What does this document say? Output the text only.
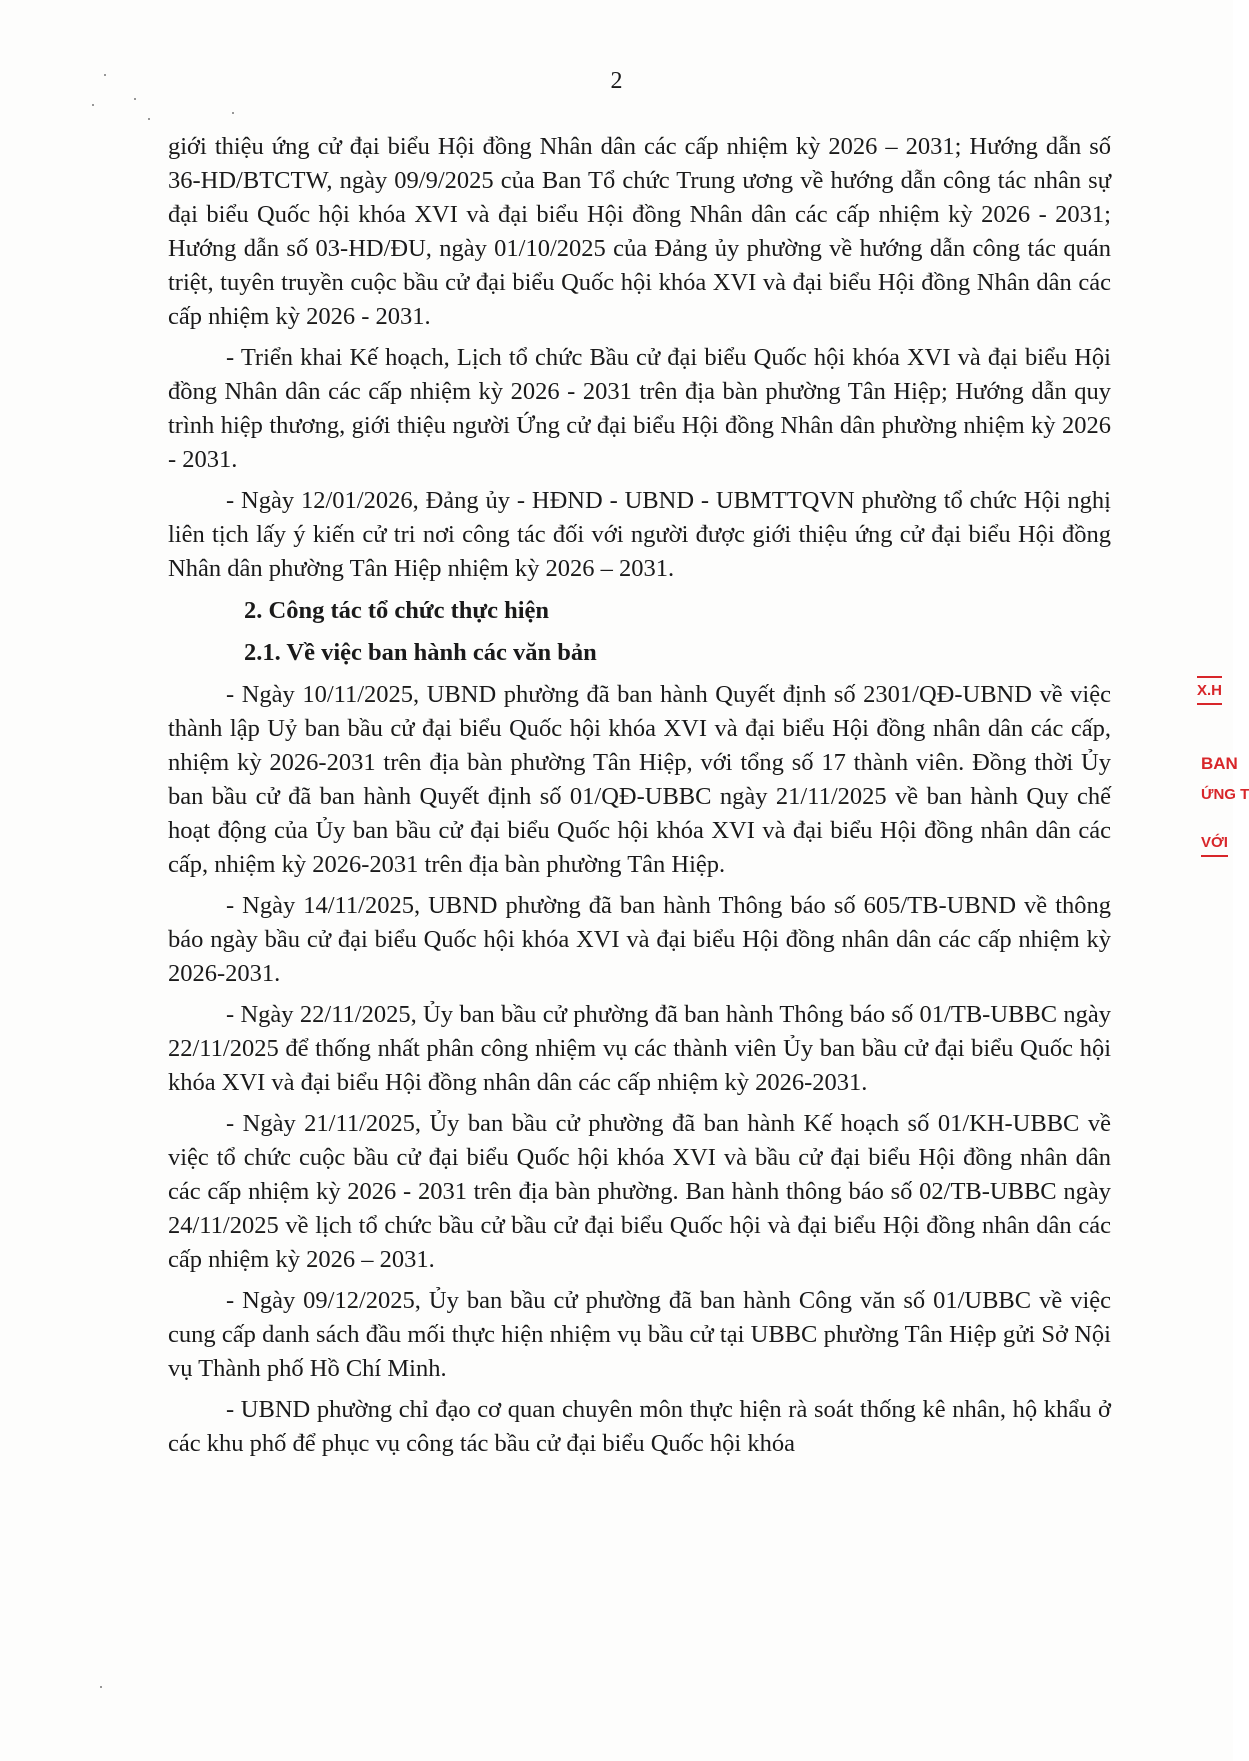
2

giới thiệu ứng cử đại biểu Hội đồng Nhân dân các cấp nhiệm kỳ 2026 – 2031; Hướng dẫn số 36-HD/BTCTW, ngày 09/9/2025 của Ban Tổ chức Trung ương về hướng dẫn công tác nhân sự đại biểu Quốc hội khóa XVI và đại biểu Hội đồng Nhân dân các cấp nhiệm kỳ 2026 - 2031; Hướng dẫn số 03-HD/ĐU, ngày 01/10/2025 của Đảng ủy phường về hướng dẫn công tác quán triệt, tuyên truyền cuộc bầu cử đại biểu Quốc hội khóa XVI và đại biểu Hội đồng Nhân dân các cấp nhiệm kỳ 2026 - 2031.

- Triển khai Kế hoạch, Lịch tổ chức Bầu cử đại biểu Quốc hội khóa XVI và đại biểu Hội đồng Nhân dân các cấp nhiệm kỳ 2026 - 2031 trên địa bàn phường Tân Hiệp; Hướng dẫn quy trình hiệp thương, giới thiệu người Ứng cử đại biểu Hội đồng Nhân dân phường nhiệm kỳ 2026 - 2031.

- Ngày 12/01/2026, Đảng ủy - HĐND - UBND - UBMTTQVN phường tổ chức Hội nghị liên tịch lấy ý kiến cử tri nơi công tác đối với người được giới thiệu ứng cử đại biểu Hội đồng Nhân dân phường Tân Hiệp nhiệm kỳ 2026 – 2031.

2. Công tác tổ chức thực hiện
2.1. Về việc ban hành các văn bản

- Ngày 10/11/2025, UBND phường đã ban hành Quyết định số 2301/QĐ-UBND về việc thành lập Uỷ ban bầu cử đại biểu Quốc hội khóa XVI và đại biểu Hội đồng nhân dân các cấp, nhiệm kỳ 2026-2031 trên địa bàn phường Tân Hiệp, với tổng số 17 thành viên. Đồng thời Ủy ban bầu cử đã ban hành Quyết định số 01/QĐ-UBBC ngày 21/11/2025 về ban hành Quy chế hoạt động của Ủy ban bầu cử đại biểu Quốc hội khóa XVI và đại biểu Hội đồng nhân dân các cấp, nhiệm kỳ 2026-2031 trên địa bàn phường Tân Hiệp.

- Ngày 14/11/2025, UBND phường đã ban hành Thông báo số 605/TB-UBND về thông báo ngày bầu cử đại biểu Quốc hội khóa XVI và đại biểu Hội đồng nhân dân các cấp nhiệm kỳ 2026-2031.

- Ngày 22/11/2025, Ủy ban bầu cử phường đã ban hành Thông báo số 01/TB-UBBC ngày 22/11/2025 để thống nhất phân công nhiệm vụ các thành viên Ủy ban bầu cử đại biểu Quốc hội khóa XVI và đại biểu Hội đồng nhân dân các cấp nhiệm kỳ 2026-2031.

- Ngày 21/11/2025, Ủy ban bầu cử phường đã ban hành Kế hoạch số 01/KH-UBBC về việc tổ chức cuộc bầu cử đại biểu Quốc hội khóa XVI và bầu cử đại biểu Hội đồng nhân dân các cấp nhiệm kỳ 2026 - 2031 trên địa bàn phường. Ban hành thông báo số 02/TB-UBBC ngày 24/11/2025 về lịch tổ chức bầu cử bầu cử đại biểu Quốc hội và đại biểu Hội đồng nhân dân các cấp nhiệm kỳ 2026 – 2031.

- Ngày 09/12/2025, Ủy ban bầu cử phường đã ban hành Công văn số 01/UBBC về việc cung cấp danh sách đầu mối thực hiện nhiệm vụ bầu cử tại UBBC phường Tân Hiệp gửi Sở Nội vụ Thành phố Hồ Chí Minh.

- UBND phường chỉ đạo cơ quan chuyên môn thực hiện rà soát thống kê nhân, hộ khẩu ở các khu phố để phục vụ công tác bầu cử đại biểu Quốc hội khóa

X.H
BAN
ỨNG T
VỚI
